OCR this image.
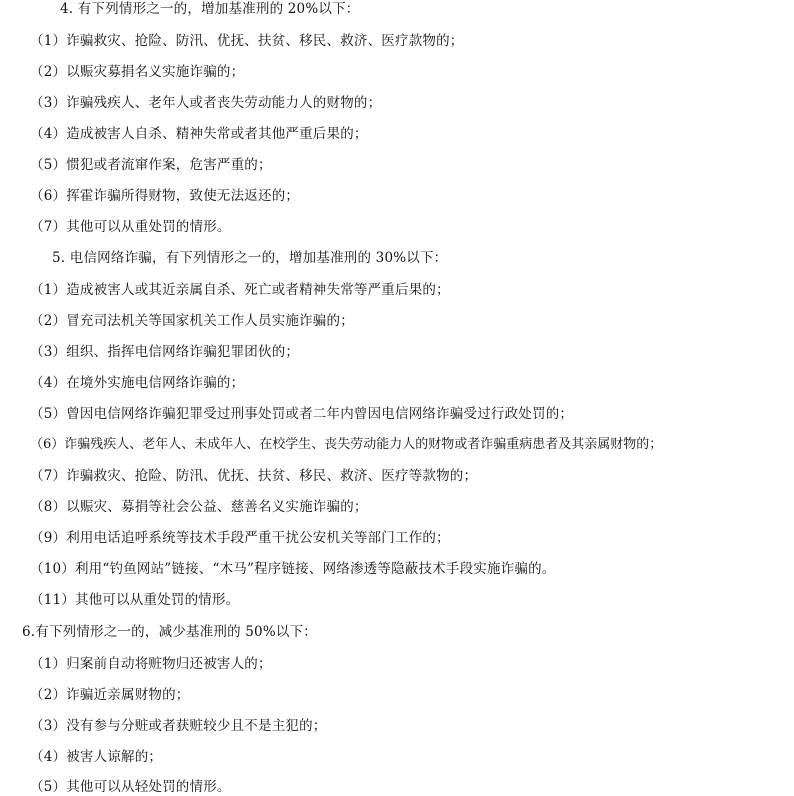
4. 有下列情形之一的，增加基准刑的 20%以下：
（1）诈骗救灾、抢险、防汛、优抚、扶贫、移民、救济、医疗款物的；
（2）以赈灾募捐名义实施诈骗的；
（3）诈骗残疾人、老年人或者丧失劳动能力人的财物的；
（4）造成被害人自杀、精神失常或者其他严重后果的；
（5）惯犯或者流窜作案，危害严重的；
（6）挥霍诈骗所得财物，致使无法返还的；
（7）其他可以从重处罚的情形。
5. 电信网络诈骗，有下列情形之一的，增加基准刑的 30%以下：
（1）造成被害人或其近亲属自杀、死亡或者精神失常等严重后果的；
（2）冒充司法机关等国家机关工作人员实施诈骗的；
（3）组织、指挥电信网络诈骗犯罪团伙的；
（4）在境外实施电信网络诈骗的；
（5）曾因电信网络诈骗犯罪受过刑事处罚或者二年内曾因电信网络诈骗受过行政处罚的；
（6）诈骗残疾人、老年人、未成年人、在校学生、丧失劳动能力人的财物或者诈骗重病患者及其亲属财物的；
（7）诈骗救灾、抢险、防汛、优抚、扶贫、移民、救济、医疗等款物的；
（8）以赈灾、募捐等社会公益、慈善名义实施诈骗的；
（9）利用电话追呼系统等技术手段严重干扰公安机关等部门工作的；
（10）利用“钓鱼网站”链接、“木马”程序链接、网络渗透等隐蔽技术手段实施诈骗的。
（11）其他可以从重处罚的情形。
6.有下列情形之一的，减少基准刑的 50%以下：
（1）归案前自动将赃物归还被害人的；
（2）诈骗近亲属财物的；
（3）没有参与分赃或者获赃较少且不是主犯的；
（4）被害人谅解的；
（5）其他可以从轻处罚的情形。
